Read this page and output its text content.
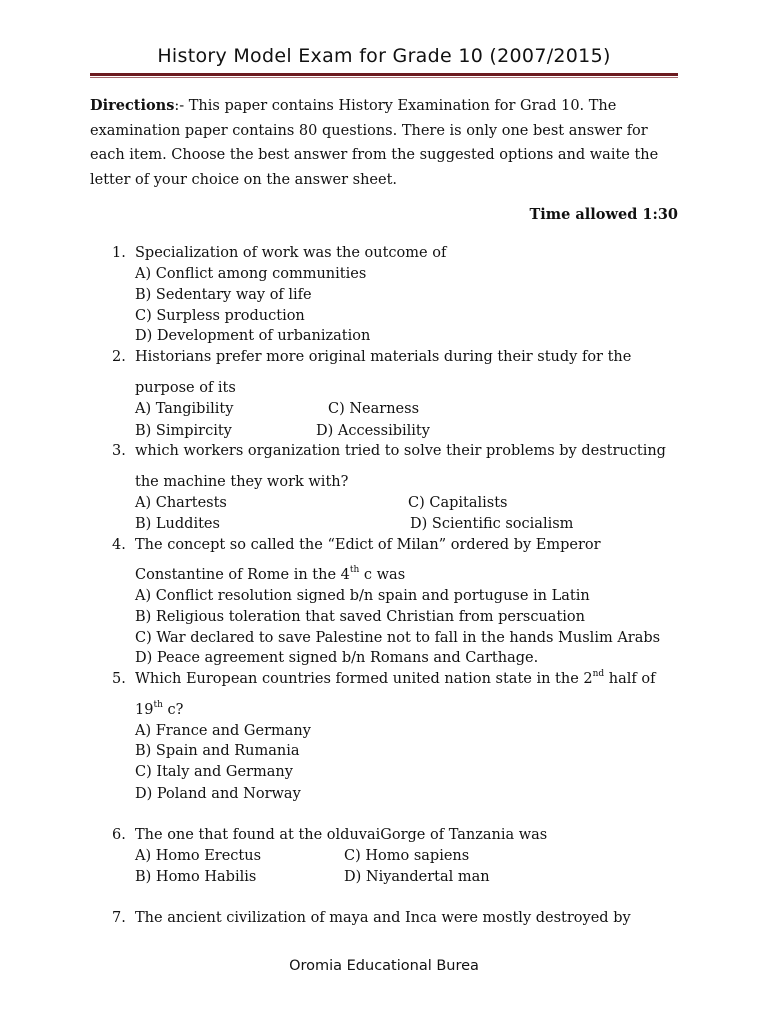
History Model Exam for Grade 10 (2007/2015)
Directions:- This paper contains History Examination for Grad 10. The examination paper contains 80 questions. There is only one best answer for each item. Choose the best answer from the suggested options and waite the letter of your choice on the answer sheet.
Time allowed 1:30
1. Specialization of work was the outcome of
A) Conflict among communities
B) Sedentary way of life
C) Surpless production
D) Development of urbanization
2. Historians prefer more original materials during their study for the
purpose of its
A) Tangibility	C) Nearness
B) Simpircity	D) Accessibility
3. which workers organization tried to solve their problems by destructing
the machine they work with?
A) Chartests	C) Capitalists
B) Luddites	D) Scientific socialism
4. The concept so called the “Edict of Milan” ordered by Emperor
Constantine of Rome in the 4th c was
A) Conflict resolution signed b/n spain and portuguse in Latin
B) Religious toleration that saved Christian from perscuation
C) War declared to save Palestine not to fall in the hands Muslim Arabs
D) Peace agreement signed b/n Romans and Carthage.
5. Which European countries formed united nation state in the 2nd half of
19th c?
A) France and Germany
B) Spain and Rumania
C) Italy and Germany
D) Poland and Norway
6. The one that found at the olduvaiGorge of Tanzania was
A) Homo Erectus	C) Homo sapiens
B) Homo Habilis	D) Niyandertal man
7. The ancient civilization of maya and Inca were mostly destroyed by
Oromia Educational Burea
